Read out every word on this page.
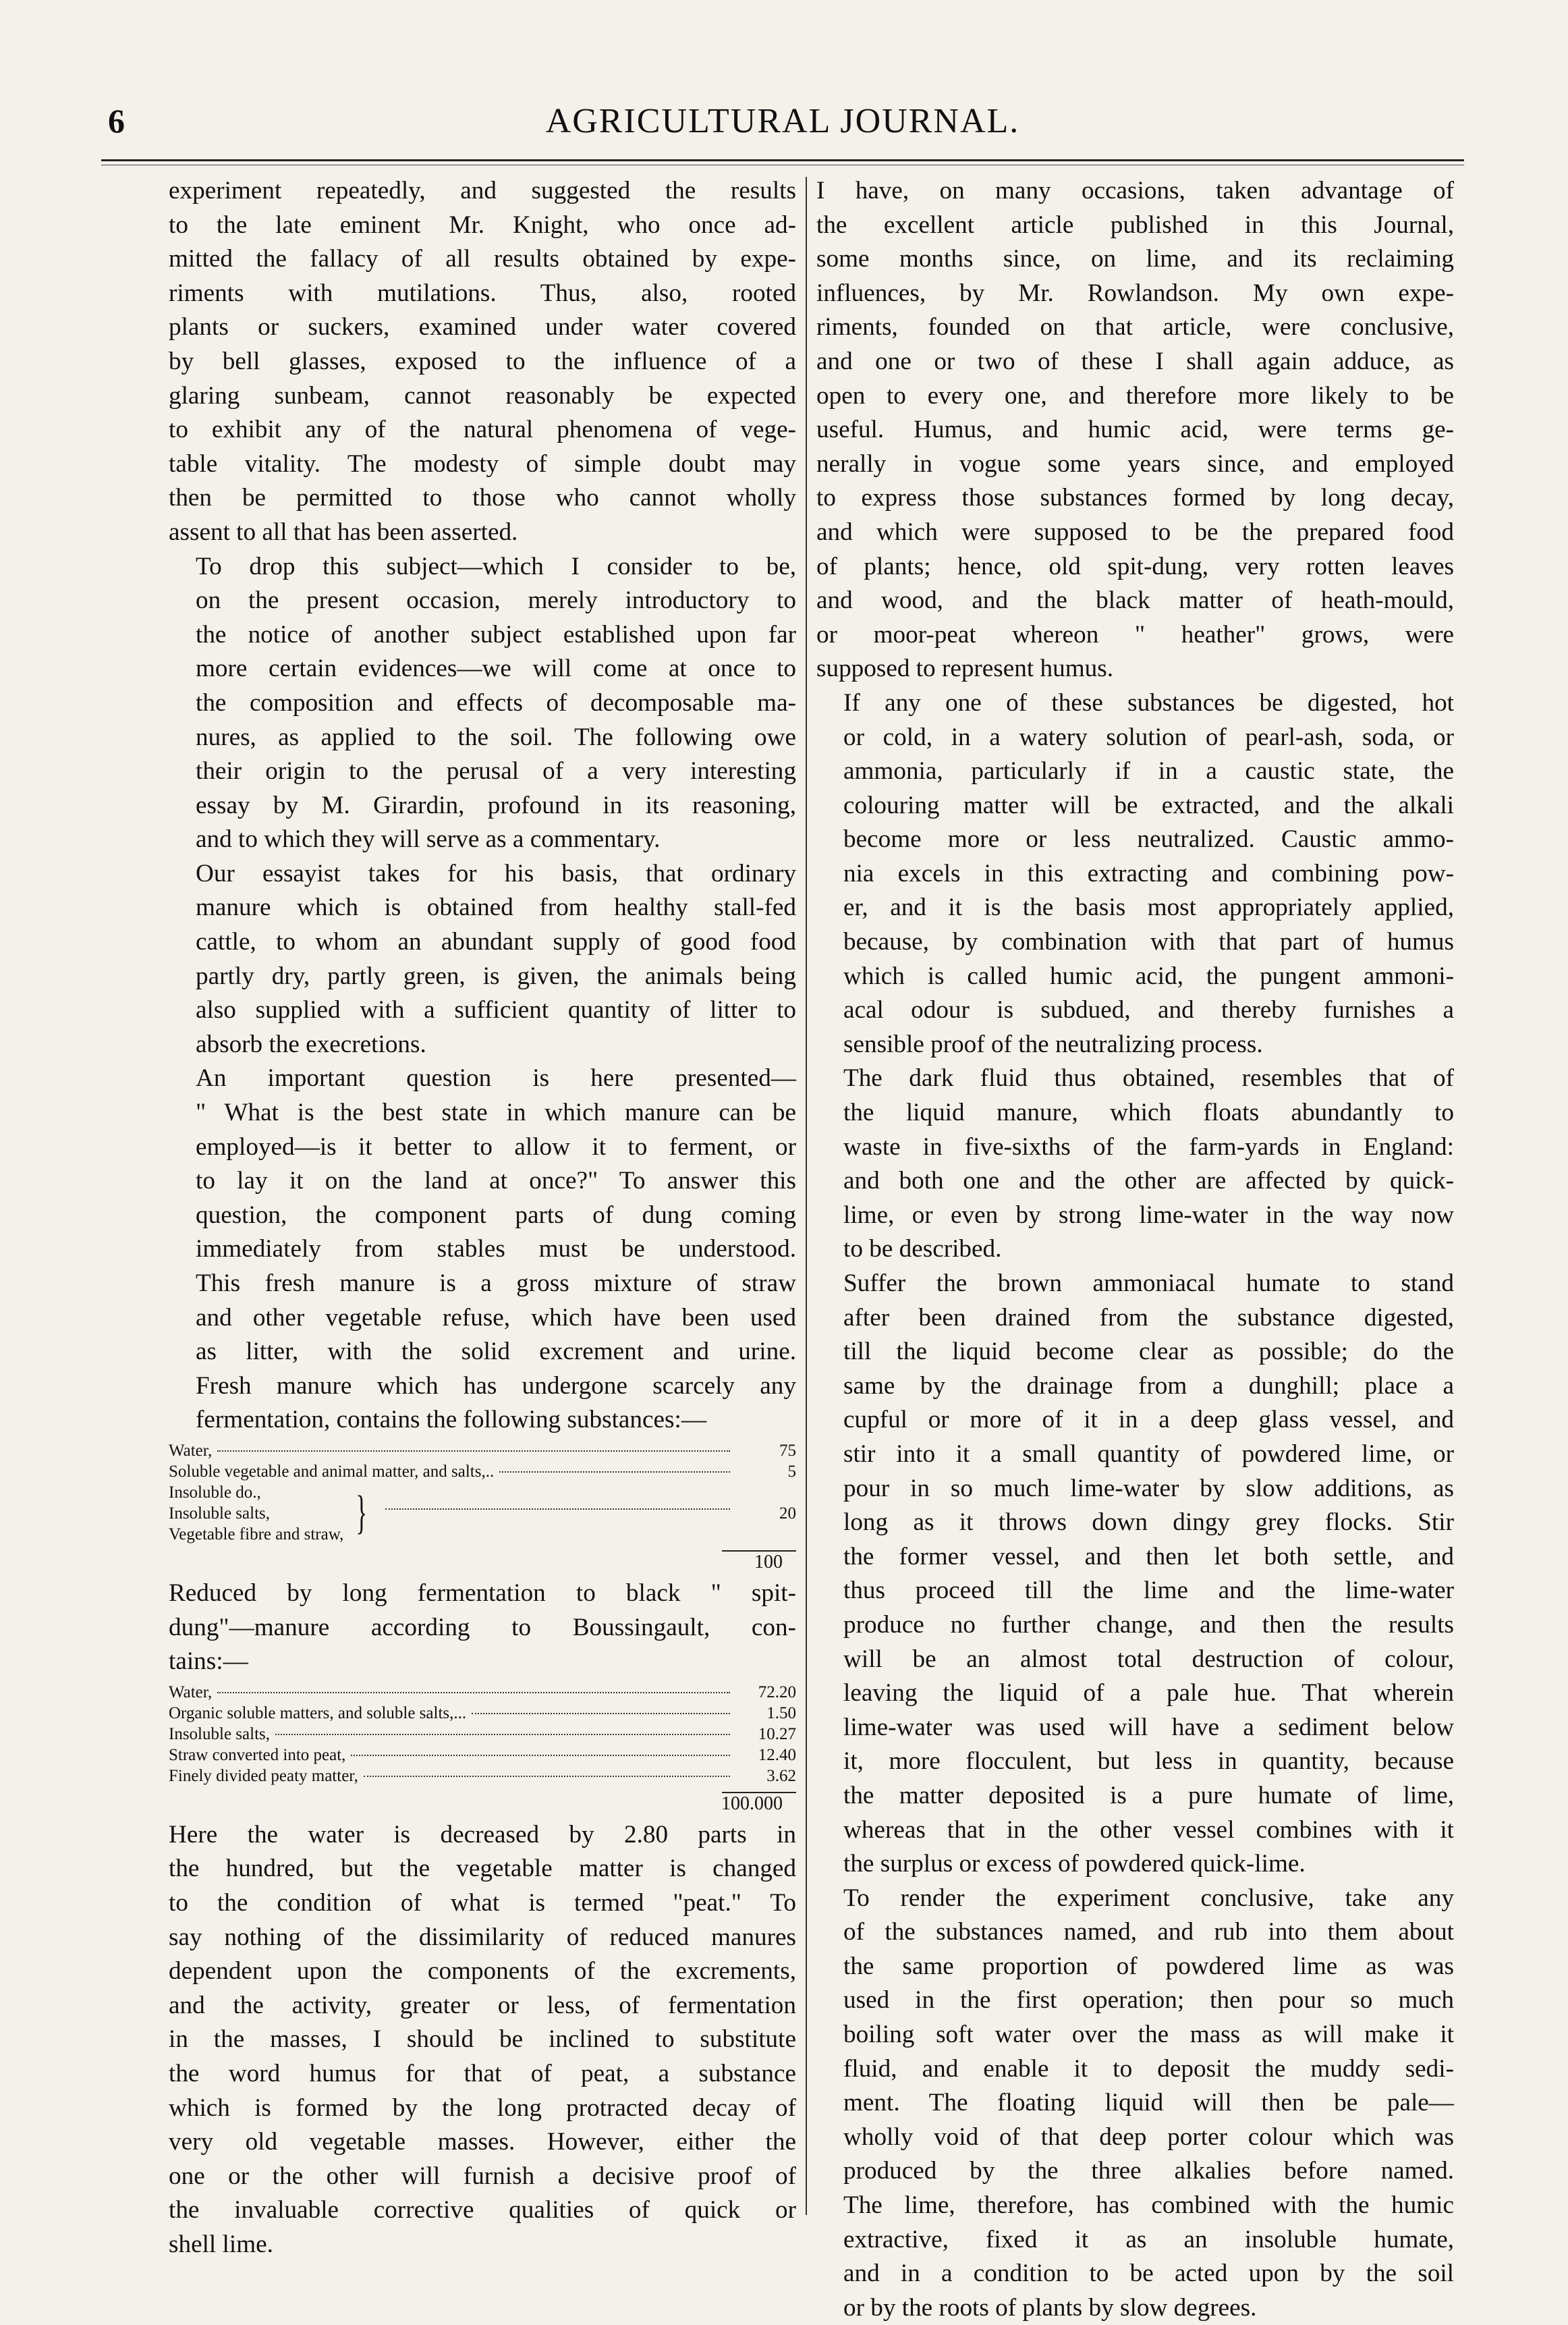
6	AGRICULTURAL JOURNAL.
experiment repeatedly, and suggested the results
to the late eminent Mr. Knight, who once ad-
mitted the fallacy of all results obtained by expe-
riments with mutilations. Thus, also, rooted
plants or suckers, examined under water covered
by bell glasses, exposed to the influence of a
glaring sunbeam, cannot reasonably be expected
to exhibit any of the natural phenomena of vege-
table vitality. The modesty of simple doubt may
then be permitted to those who cannot wholly
assent to all that has been asserted.
To drop this subject—which I consider to be,
on the present occasion, merely introductory to
the notice of another subject established upon far
more certain evidences—we will come at once to
the composition and effects of decomposable ma-
nures, as applied to the soil. The following owe
their origin to the perusal of a very interesting
essay by M. Girardin, profound in its reasoning,
and to which they will serve as a commentary.
Our essayist takes for his basis, that ordinary
manure which is obtained from healthy stall-fed
cattle, to whom an abundant supply of good food
partly dry, partly green, is given, the animals being
also supplied with a sufficient quantity of litter to
absorb the execretions.
An important question is here presented—
" What is the best state in which manure can be
employed—is it better to allow it to ferment, or
to lay it on the land at once?" To answer this
question, the component parts of dung coming
immediately from stables must be understood.
This fresh manure is a gross mixture of straw
and other vegetable refuse, which have been used
as litter, with the solid excrement and urine.
Fresh manure which has undergone scarcely any
fermentation, contains the following substances:—
Water,	75
Soluble vegetable and animal matter, and salts,..	5
Insoluble do.,
Insoluble salts,
Vegetable fibre and straw, }	20
100
Reduced by long fermentation to black " spit-
dung"—manure according to Boussingault, con-
tains:—
Water,	72.20
Organic soluble matters, and soluble salts,...	1.50
Insoluble salts,	10.27
Straw converted into peat,	12.40
Finely divided peaty matter,	3.62
100.000
Here the water is decreased by 2.80 parts in
the hundred, but the vegetable matter is changed
to the condition of what is termed "peat." To
say nothing of the dissimilarity of reduced manures
dependent upon the components of the excrements,
and the activity, greater or less, of fermentation
in the masses, I should be inclined to substitute
the word humus for that of peat, a substance
which is formed by the long protracted decay of
very old vegetable masses. However, either the
one or the other will furnish a decisive proof of
the invaluable corrective qualities of quick or
shell lime.
I have, on many occasions, taken advantage of
the excellent article published in this Journal,
some months since, on lime, and its reclaiming
influences, by Mr. Rowlandson. My own expe-
riments, founded on that article, were conclusive,
and one or two of these I shall again adduce, as
open to every one, and therefore more likely to be
useful. Humus, and humic acid, were terms ge-
nerally in vogue some years since, and employed
to express those substances formed by long decay,
and which were supposed to be the prepared food
of plants; hence, old spit-dung, very rotten leaves
and wood, and the black matter of heath-mould,
or moor-peat whereon " heather" grows, were
supposed to represent humus.
If any one of these substances be digested, hot
or cold, in a watery solution of pearl-ash, soda, or
ammonia, particularly if in a caustic state, the
colouring matter will be extracted, and the alkali
become more or less neutralized. Caustic ammo-
nia excels in this extracting and combining pow-
er, and it is the basis most appropriately applied,
because, by combination with that part of humus
which is called humic acid, the pungent ammoni-
acal odour is subdued, and thereby furnishes a
sensible proof of the neutralizing process.
The dark fluid thus obtained, resembles that of
the liquid manure, which floats abundantly to
waste in five-sixths of the farm-yards in England:
and both one and the other are affected by quick-
lime, or even by strong lime-water in the way now
to be described.
Suffer the brown ammoniacal humate to stand
after been drained from the substance digested,
till the liquid become clear as possible; do the
same by the drainage from a dunghill; place a
cupful or more of it in a deep glass vessel, and
stir into it a small quantity of powdered lime, or
pour in so much lime-water by slow additions, as
long as it throws down dingy grey flocks. Stir
the former vessel, and then let both settle, and
thus proceed till the lime and the lime-water
produce no further change, and then the results
will be an almost total destruction of colour,
leaving the liquid of a pale hue. That wherein
lime-water was used will have a sediment below
it, more flocculent, but less in quantity, because
the matter deposited is a pure humate of lime,
whereas that in the other vessel combines with it
the surplus or excess of powdered quick-lime.
To render the experiment conclusive, take any
of the substances named, and rub into them about
the same proportion of powdered lime as was
used in the first operation; then pour so much
boiling soft water over the mass as will make it
fluid, and enable it to deposit the muddy sedi-
ment. The floating liquid will then be pale—
wholly void of that deep porter colour which was
produced by the three alkalies before named.
The lime, therefore, has combined with the humic
extractive, fixed it as an insoluble humate,
and in a condition to be acted upon by the soil
or by the roots of plants by slow degrees.
